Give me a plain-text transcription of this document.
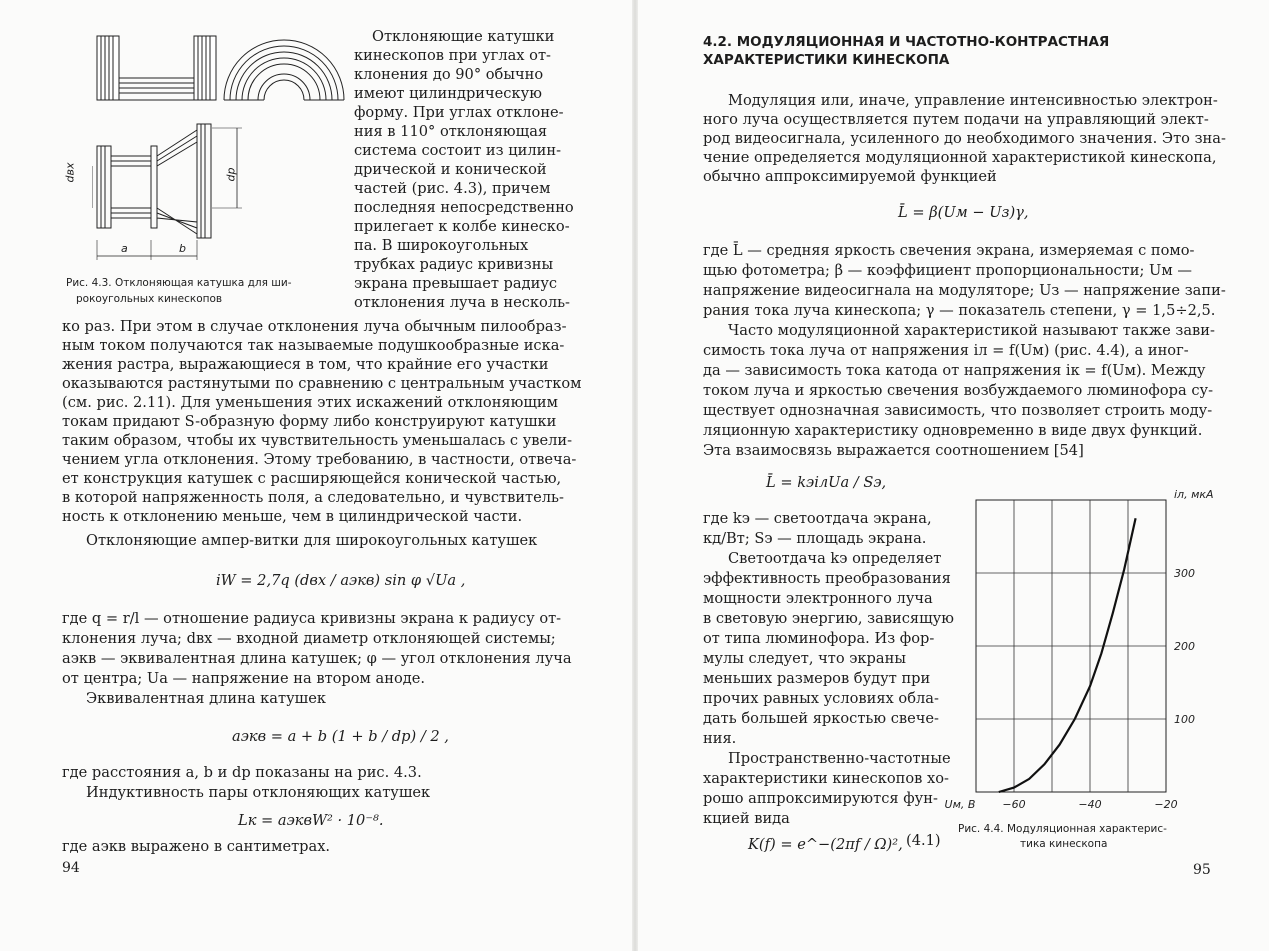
dвх	dр
a	b
Рис. 4.3. Отклоняющая катушка для ши-
рокоугольных кинескопов
Отклоняющие катушки
кинескопов при углах от-
клонения до 90° обычно
имеют цилиндрическую
форму. При углах отклоне-
ния в 110° отклоняющая
система состоит из цилин-
дрической и конической
частей (рис. 4.3), причем
последняя непосредственно
прилегает к колбе кинеско-
па. В широкоугольных
трубках радиус кривизны
экрана превышает радиус
отклонения луча в несколь-
ко раз. При этом в случае отклонения луча обычным пилообраз-
ным током получаются так называемые подушкообразные иска-
жения растра, выражающиеся в том, что крайние его участки
оказываются растянутыми по сравнению с центральным участком
(см. рис. 2.11). Для уменьшения этих искажений отклоняющим
токам придают S-образную форму либо конструируют катушки
таким образом, чтобы их чувствительность уменьшалась с увели-
чением угла отклонения. Этому требованию, в частности, отвеча-
ет конструкция катушек с расширяющейся конической частью,
в которой напряженность поля, а следовательно, и чувствитель-
ность к отклонению меньше, чем в цилиндрической части.
Отклоняющие ампер-витки для широкоугольных катушек
iW = 2,7q (dвх / aэкв) sin φ √Uа ,
где q = r/l — отношение радиуса кривизны экрана к радиусу от-
клонения луча; dвх — входной диаметр отклоняющей системы;
aэкв — эквивалентная длина катушек; φ — угол отклонения луча
от центра; Uа — напряжение на втором аноде.
Эквивалентная длина катушек
aэкв = a + b (1 + b / dр) / 2 ,
где расстояния a, b и dр показаны на рис. 4.3.
Индуктивность пары отклоняющих катушек
Lк = aэквW² · 10⁻⁸.
где aэкв выражено в сантиметрах.
94
4.2. МОДУЛЯЦИОННАЯ И ЧАСТОТНО-КОНТРАСТНАЯ
ХАРАКТЕРИСТИКИ КИНЕСКОПА
Модуляция или, иначе, управление интенсивностью электрон-
ного луча осуществляется путем подачи на управляющий элект-
род видеосигнала, усиленного до необходимого значения. Это зна-
чение определяется модуляционной характеристикой кинескопа,
обычно аппроксимируемой функцией
L̄ = β(Uм − Uз)γ,
где L̄ — средняя яркость свечения экрана, измеряемая с помо-
щью фотометра; β — коэффициент пропорциональности; Uм —
напряжение видеосигнала на модуляторе; Uз — напряжение запи-
рания тока луча кинескопа; γ — показатель степени, γ = 1,5÷2,5.
Часто модуляционной характеристикой называют также зави-
симость тока луча от напряжения iл = f(Uм) (рис. 4.4), а иног-
да — зависимость тока катода от напряжения iк = f(Uм). Между
током луча и яркостью свечения возбуждаемого люминофора су-
ществует однозначная зависимость, что позволяет строить моду-
ляционную характеристику одновременно в виде двух функций.
Эта взаимосвязь выражается соотношением [54]
L̄ = kэiлUа / Sэ,
где kэ — светоотдача экрана,
кд/Вт; Sэ — площадь экрана.
Светоотдача kэ определяет
эффективность преобразования
мощности электронного луча
в световую энергию, зависящую
от типа люминофора. Из фор-
мулы следует, что экраны
меньших размеров будут при
прочих равных условиях обла-
дать большей яркостью свече-
ния.
Пространственно-частотные
характеристики кинескопов хо-
рошо аппроксимируются фун-
кцией вида
K(f) = e^−(2πf / Ω)², (4.1)
100
200
300
−60	−40	−20
Uм, В
iл, мкА
Рис. 4.4. Модуляционная характерис-
тика кинескопа
95
